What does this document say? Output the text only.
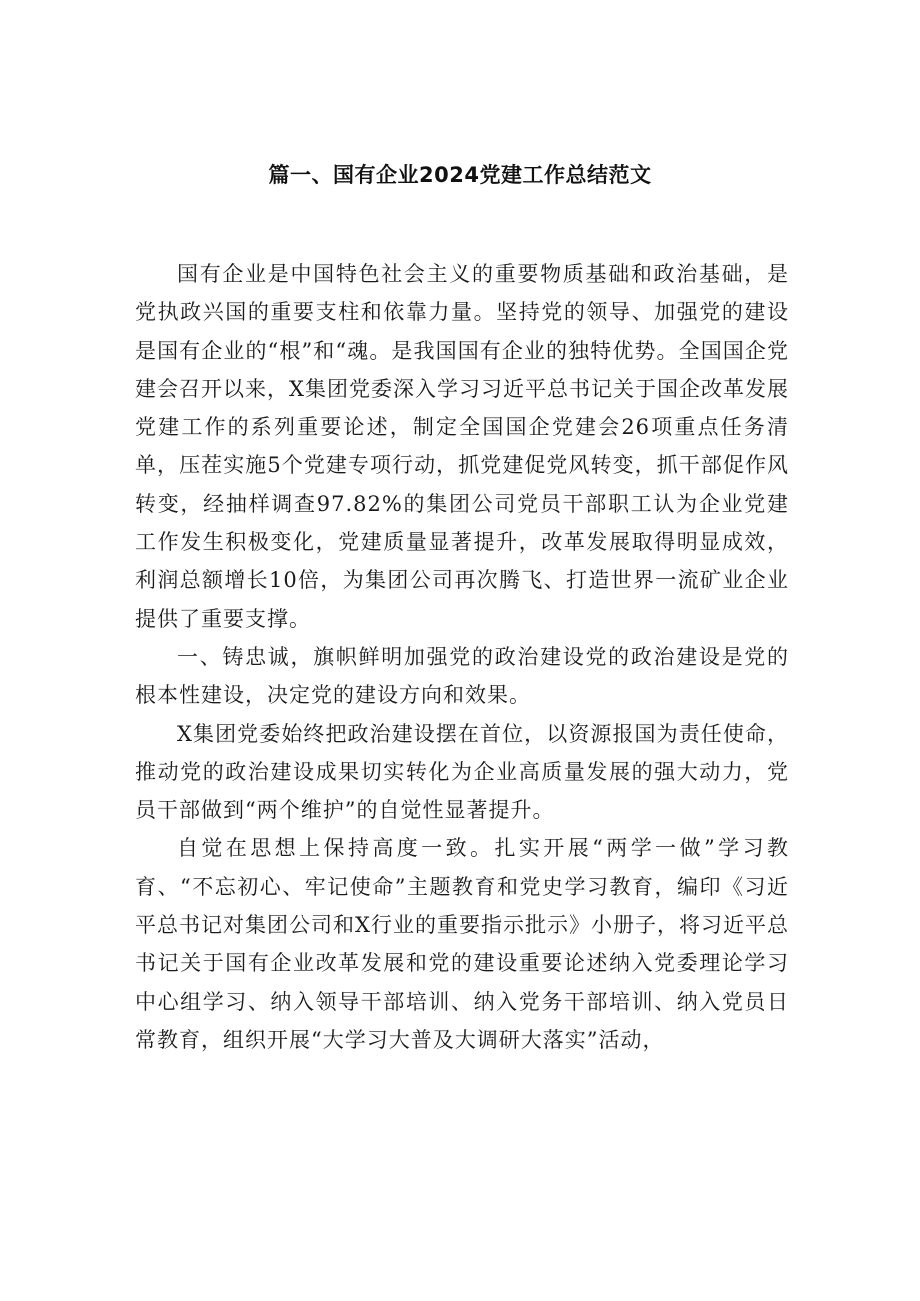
篇一、国有企业2024党建工作总结范文

国有企业是中国特色社会主义的重要物质基础和政治基础，是党执政兴国的重要支柱和依靠力量。坚持党的领导、加强党的建设是国有企业的“根”和“魂。是我国国有企业的独特优势。全国国企党建会召开以来，X集团党委深入学习习近平总书记关于国企改革发展党建工作的系列重要论述，制定全国国企党建会26项重点任务清单，压茬实施5个党建专项行动，抓党建促党风转变，抓干部促作风转变，经抽样调查97.82%的集团公司党员干部职工认为企业党建工作发生积极变化，党建质量显著提升，改革发展取得明显成效，利润总额增长10倍，为集团公司再次腾飞、打造世界一流矿业企业提供了重要支撑。

一、铸忠诚，旗帜鲜明加强党的政治建设党的政治建设是党的根本性建设，决定党的建设方向和效果。

X集团党委始终把政治建设摆在首位，以资源报国为责任使命，推动党的政治建设成果切实转化为企业高质量发展的强大动力，党员干部做到“两个维护”的自觉性显著提升。

自觉在思想上保持高度一致。扎实开展“两学一做”学习教育、“不忘初心、牢记使命”主题教育和党史学习教育，编印《习近平总书记对集团公司和X行业的重要指示批示》小册子，将习近平总书记关于国有企业改革发展和党的建设重要论述纳入党委理论学习中心组学习、纳入领导干部培训、纳入党务干部培训、纳入党员日常教育，组织开展“大学习大普及大调研大落实”活动，
